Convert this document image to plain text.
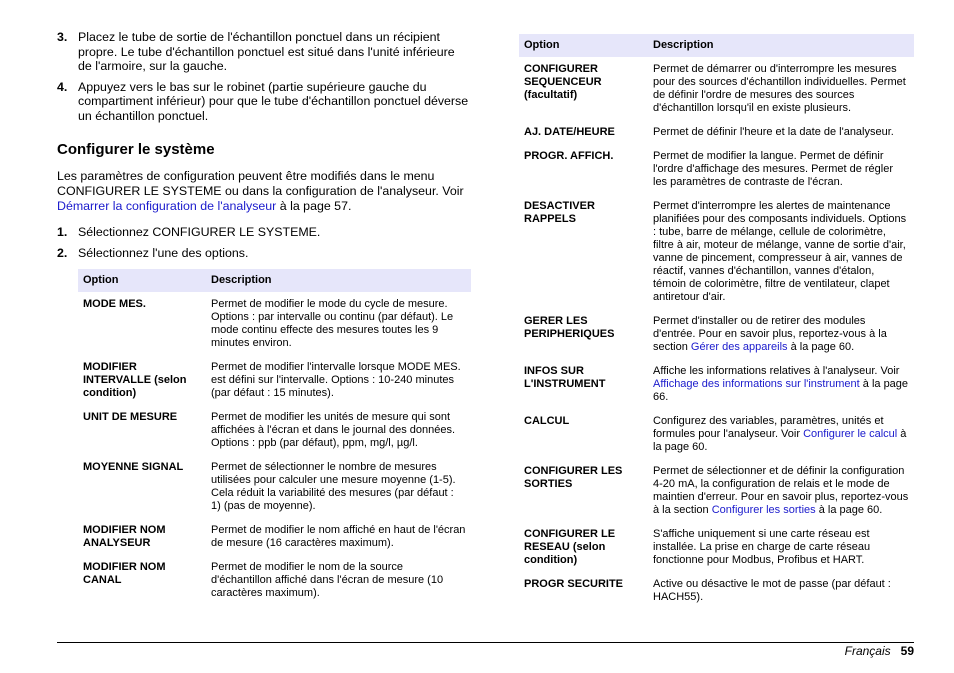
3. Placez le tube de sortie de l'échantillon ponctuel dans un récipient propre. Le tube d'échantillon ponctuel est situé dans l'unité inférieure de l'armoire, sur la gauche.
4. Appuyez vers le bas sur le robinet (partie supérieure gauche du compartiment inférieur) pour que le tube d'échantillon ponctuel déverse un échantillon ponctuel.
Configurer le système

Les paramètres de configuration peuvent être modifiés dans le menu CONFIGURER LE SYSTEME ou dans la configuration de l'analyseur. Voir Démarrer la configuration de l'analyseur à la page 57.

1. Sélectionnez CONFIGURER LE SYSTEME.
2. Sélectionnez l'une des options.
Option	Description
MODE MES.	Permet de modifier le mode du cycle de mesure. Options : par intervalle ou continu (par défaut). Le mode continu effecte des mesures toutes les 9 minutes environ.
MODIFIER INTERVALLE (selon condition)	Permet de modifier l'intervalle lorsque MODE MES. est défini sur l'intervalle. Options : 10-240 minutes (par défaut : 15 minutes).
UNIT DE MESURE	Permet de modifier les unités de mesure qui sont affichées à l'écran et dans le journal des données. Options : ppb (par défaut), ppm, mg/l, µg/l.
MOYENNE SIGNAL	Permet de sélectionner le nombre de mesures utilisées pour calculer une mesure moyenne (1-5). Cela réduit la variabilité des mesures (par défaut : 1) (pas de moyenne).
MODIFIER NOM ANALYSEUR	Permet de modifier le nom affiché en haut de l'écran de mesure (16 caractères maximum).
MODIFIER NOM CANAL	Permet de modifier le nom de la source d'échantillon affiché dans l'écran de mesure (10 caractères maximum).
Option	Description
CONFIGURER SEQUENCEUR (facultatif)	Permet de démarrer ou d'interrompre les mesures pour des sources d'échantillon individuelles. Permet de définir l'ordre de mesures des sources d'échantillon lorsqu'il en existe plusieurs.
AJ. DATE/HEURE	Permet de définir l'heure et la date de l'analyseur.
PROGR. AFFICH.	Permet de modifier la langue. Permet de définir l'ordre d'affichage des mesures. Permet de régler les paramètres de contraste de l'écran.
DESACTIVER RAPPELS	Permet d'interrompre les alertes de maintenance planifiées pour des composants individuels. Options : tube, barre de mélange, cellule de colorimètre, filtre à air, moteur de mélange, vanne de sortie d'air, vanne de pincement, compresseur à air, vannes de réactif, vannes d'échantillon, vannes d'étalon, témoin de colorimètre, filtre de ventilateur, clapet antiretour d'air.
GERER LES PERIPHERIQUES	Permet d'installer ou de retirer des modules d'entrée. Pour en savoir plus, reportez-vous à la section Gérer des appareils à la page 60.
INFOS SUR L'INSTRUMENT	Affiche les informations relatives à l'analyseur. Voir Affichage des informations sur l'instrument à la page 66.
CALCUL	Configurez des variables, paramètres, unités et formules pour l'analyseur. Voir Configurer le calcul à la page 60.
CONFIGURER LES SORTIES	Permet de sélectionner et de définir la configuration 4-20 mA, la configuration de relais et le mode de maintien d'erreur. Pour en savoir plus, reportez-vous à la section Configurer les sorties à la page 60.
CONFIGURER LE RESEAU (selon condition)	S'affiche uniquement si une carte réseau est installée. La prise en charge de carte réseau fonctionne pour Modbus, Profibus et HART.
PROGR SECURITE	Active ou désactive le mot de passe (par défaut : HACH55).
Français 59
